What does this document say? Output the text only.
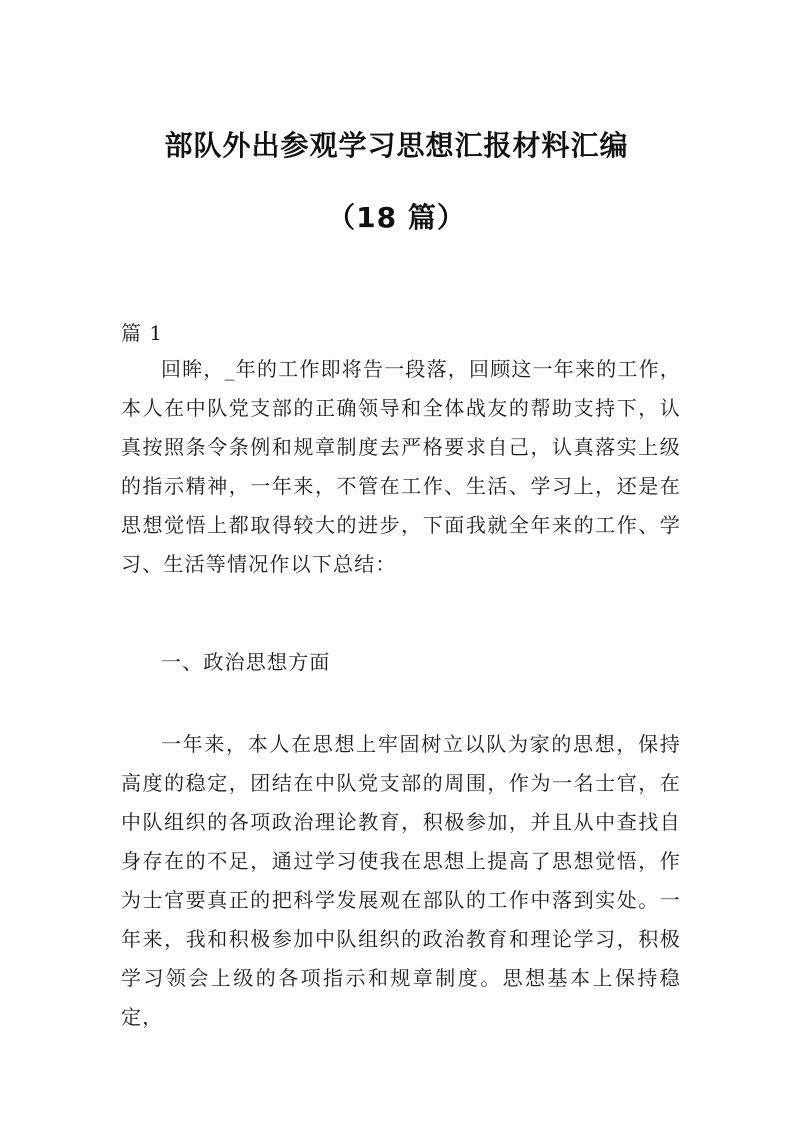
部队外出参观学习思想汇报材料汇编
（18 篇）
篇 1
回眸，_年的工作即将告一段落，回顾这一年来的工作，本人在中队党支部的正确领导和全体战友的帮助支持下，认真按照条令条例和规章制度去严格要求自己，认真落实上级的指示精神，一年来，不管在工作、生活、学习上，还是在思想觉悟上都取得较大的进步，下面我就全年来的工作、学习、生活等情况作以下总结：
一、政治思想方面
一年来，本人在思想上牢固树立以队为家的思想，保持高度的稳定，团结在中队党支部的周围，作为一名士官，在中队组织的各项政治理论教育，积极参加，并且从中查找自身存在的不足，通过学习使我在思想上提高了思想觉悟，作为士官要真正的把科学发展观在部队的工作中落到实处。一年来，我和积极参加中队组织的政治教育和理论学习，积极学习领会上级的各项指示和规章制度。思想基本上保持稳定，
